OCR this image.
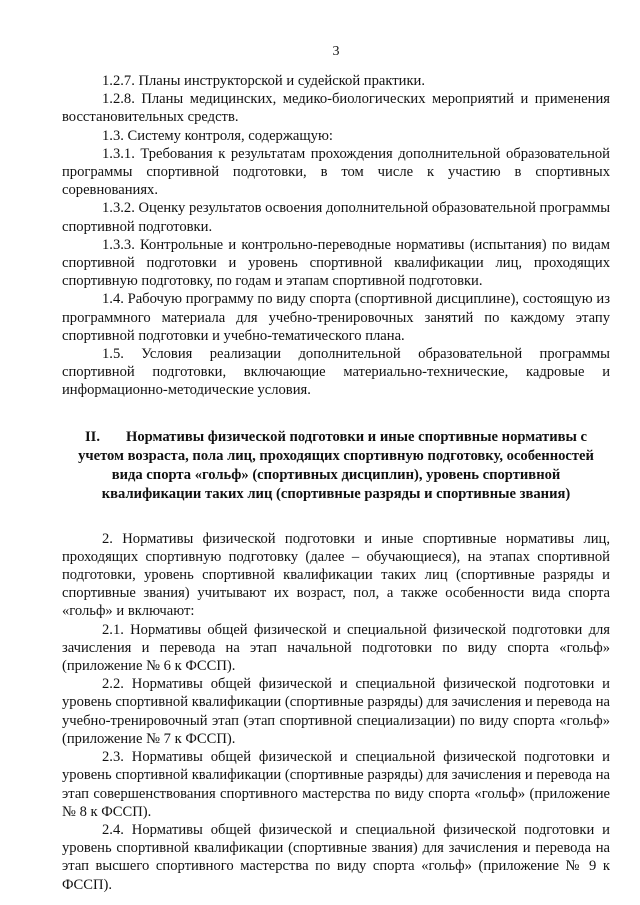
3

1.2.7. Планы инструкторской и судейской практики.

1.2.8. Планы медицинских, медико-биологических мероприятий и применения восстановительных средств.

1.3. Систему контроля, содержащую:

1.3.1. Требования к результатам прохождения дополнительной образовательной программы спортивной подготовки, в том числе к участию в спортивных соревнованиях.

1.3.2. Оценку результатов освоения дополнительной образовательной программы спортивной подготовки.

1.3.3. Контрольные и контрольно-переводные нормативы (испытания) по видам спортивной подготовки и уровень спортивной квалификации лиц, проходящих спортивную подготовку, по годам и этапам спортивной подготовки.

1.4. Рабочую программу по виду спорта (спортивной дисциплине), состоящую из программного материала для учебно-тренировочных занятий по каждому этапу спортивной подготовки и учебно-тематического плана.

1.5. Условия реализации дополнительной образовательной программы спортивной подготовки, включающие материально-технические, кадровые и информационно-методические условия.

II. Нормативы физической подготовки и иные спортивные нормативы с учетом возраста, пола лиц, проходящих спортивную подготовку, особенностей вида спорта «гольф» (спортивных дисциплин), уровень спортивной квалификации таких лиц (спортивные разряды и спортивные звания)

2. Нормативы физической подготовки и иные спортивные нормативы лиц, проходящих спортивную подготовку (далее – обучающиеся), на этапах спортивной подготовки, уровень спортивной квалификации таких лиц (спортивные разряды и спортивные звания) учитывают их возраст, пол, а также особенности вида спорта «гольф» и включают:

2.1. Нормативы общей физической и специальной физической подготовки для зачисления и перевода на этап начальной подготовки по виду спорта «гольф» (приложение № 6 к ФССП).

2.2. Нормативы общей физической и специальной физической подготовки и уровень спортивной квалификации (спортивные разряды) для зачисления и перевода на учебно-тренировочный этап (этап спортивной специализации) по виду спорта «гольф» (приложение № 7 к ФССП).

2.3. Нормативы общей физической и специальной физической подготовки и уровень спортивной квалификации (спортивные разряды) для зачисления и перевода на этап совершенствования спортивного мастерства по виду спорта «гольф» (приложение № 8 к ФССП).

2.4. Нормативы общей физической и специальной физической подготовки и уровень спортивной квалификации (спортивные звания) для зачисления и перевода на этап высшего спортивного мастерства по виду спорта «гольф» (приложение № 9 к ФССП).
